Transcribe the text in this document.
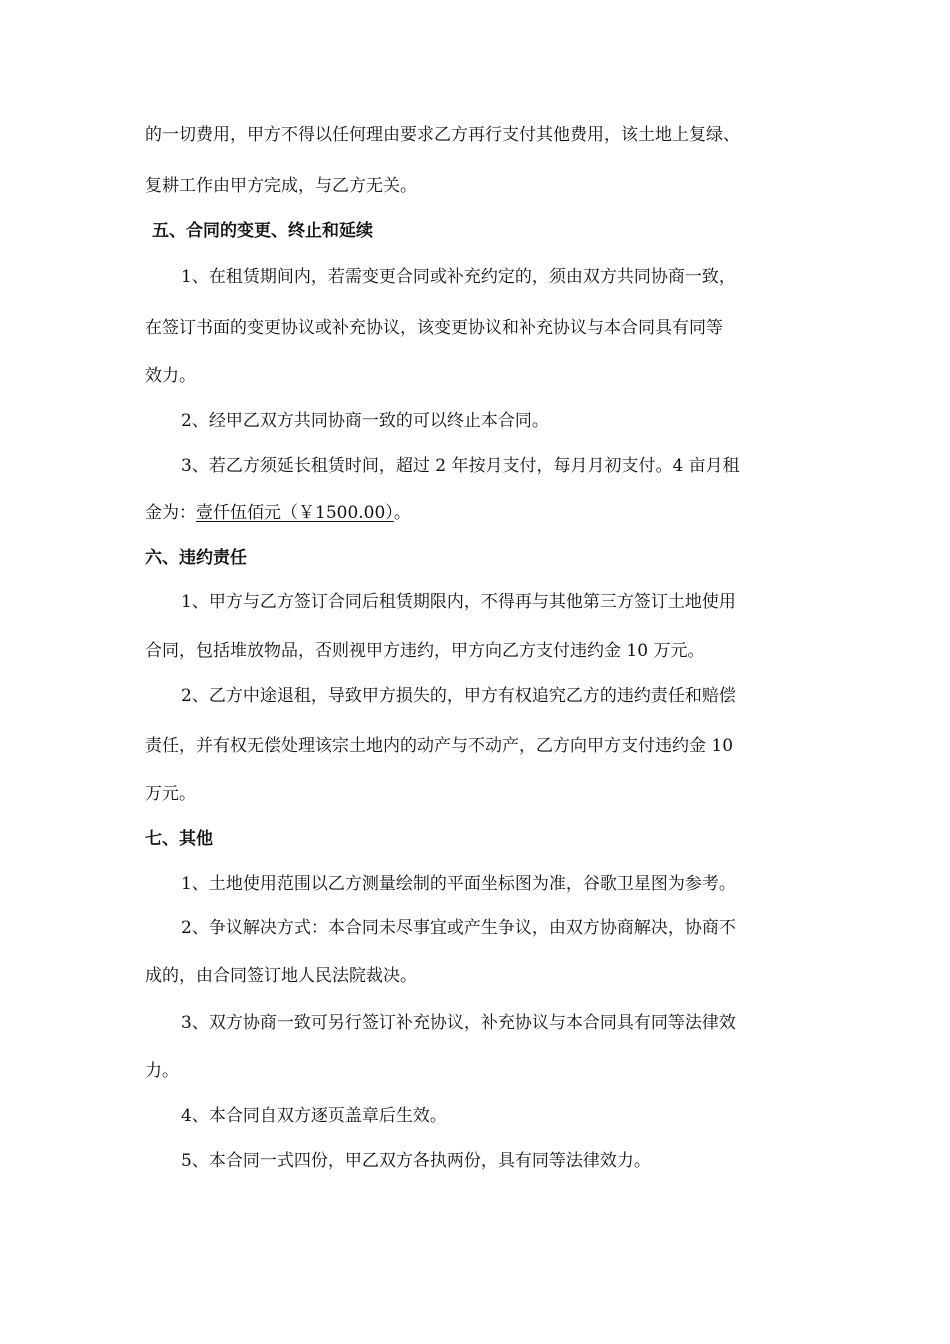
的一切费用，甲方不得以任何理由要求乙方再行支付其他费用，该土地上复绿、
复耕工作由甲方完成，与乙方无关。
五、合同的变更、终止和延续
1、在租赁期间内，若需变更合同或补充约定的，须由双方共同协商一致，
在签订书面的变更协议或补充协议，该变更协议和补充协议与本合同具有同等
效力。
2、经甲乙双方共同协商一致的可以终止本合同。
3、若乙方须延长租赁时间，超过 2 年按月支付，每月月初支付。4 亩月租
金为：壹仟伍佰元（￥1500.00）。
六、违约责任
1、甲方与乙方签订合同后租赁期限内，不得再与其他第三方签订土地使用
合同，包括堆放物品，否则视甲方违约，甲方向乙方支付违约金 10 万元。
2、乙方中途退租，导致甲方损失的，甲方有权追究乙方的违约责任和赔偿
责任，并有权无偿处理该宗土地内的动产与不动产，乙方向甲方支付违约金 10
万元。
七、其他
1、土地使用范围以乙方测量绘制的平面坐标图为准，谷歌卫星图为参考。
2、争议解决方式：本合同未尽事宜或产生争议，由双方协商解决，协商不
成的，由合同签订地人民法院裁决。
3、双方协商一致可另行签订补充协议，补充协议与本合同具有同等法律效
力。
4、本合同自双方逐页盖章后生效。
5、本合同一式四份，甲乙双方各执两份，具有同等法律效力。
